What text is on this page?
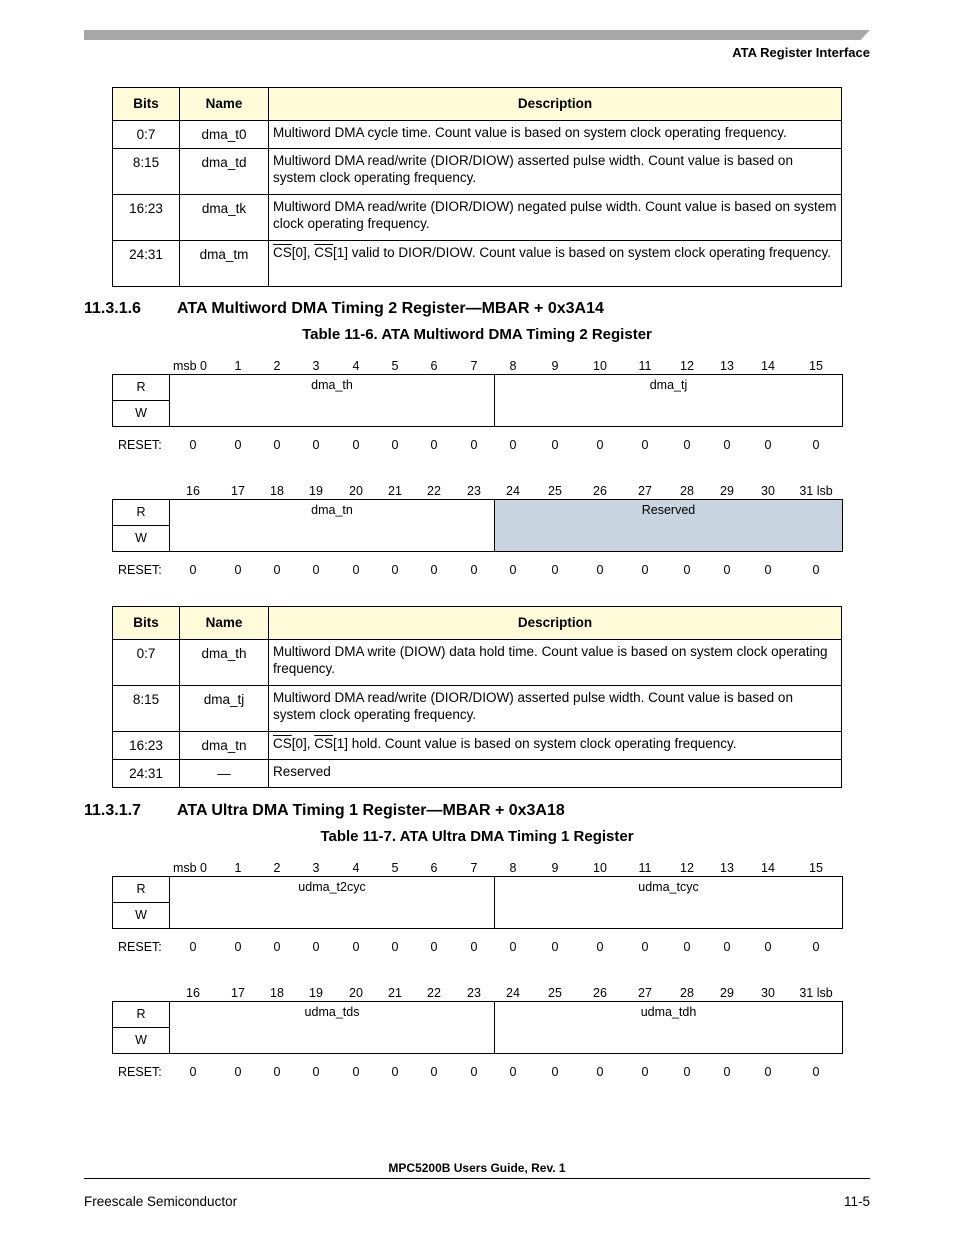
ATA Register Interface
Bits	Name	Description
0:7	dma_t0	Multiword DMA cycle time. Count value is based on system clock operating frequency.
8:15	dma_td	Multiword DMA read/write (DIOR/DIOW) asserted pulse width. Count value is based on system clock operating frequency.
16:23	dma_tk	Multiword DMA read/write (DIOR/DIOW) negated pulse width. Count value is based on system clock operating frequency.
24:31	dma_tm	$\overline{CS}[0]$, $\overline{CS}[1]$ valid to DIOR/DIOW. Count value is based on system clock operating frequency.
11.3.1.6 ATA Multiword DMA Timing 2 Register—MBAR + 0x3A14
Table 11-6. ATA Multiword DMA Timing 2 Register
msb 0	1	2	3	4	5	6	7	8	9	10	11	12	13	14	15
R
W
dma_th	dma_tj
RESET:	0	0	0	0	0	0	0	0	0	0	0	0	0	0	0	0
16	17	18	19	20	21	22	23	24	25	26	27	28	29	30	31 lsb
R
W
dma_tn	Reserved
RESET:	0	0	0	0	0	0	0	0	0	0	0	0	0	0	0	0
Bits	Name	Description
0:7	dma_th	Multiword DMA write (DIOW) data hold time. Count value is based on system clock operating frequency.
8:15	dma_tj	Multiword DMA read/write (DIOR/DIOW) asserted pulse width. Count value is based on system clock operating frequency.
16:23	dma_tn	$\overline{CS}[0]$, $\overline{CS}[1]$ hold. Count value is based on system clock operating frequency.
24:31	—	Reserved
11.3.1.7 ATA Ultra DMA Timing 1 Register—MBAR + 0x3A18
Table 11-7. ATA Ultra DMA Timing 1 Register
msb 0	1	2	3	4	5	6	7	8	9	10	11	12	13	14	15
R
W
udma_t2cyc	udma_tcyc
RESET:	0	0	0	0	0	0	0	0	0	0	0	0	0	0	0	0
16	17	18	19	20	21	22	23	24	25	26	27	28	29	30	31 lsb
R
W
udma_tds	udma_tdh
RESET:	0	0	0	0	0	0	0	0	0	0	0	0	0	0	0	0
MPC5200B Users Guide, Rev. 1
Freescale Semiconductor	11-5
